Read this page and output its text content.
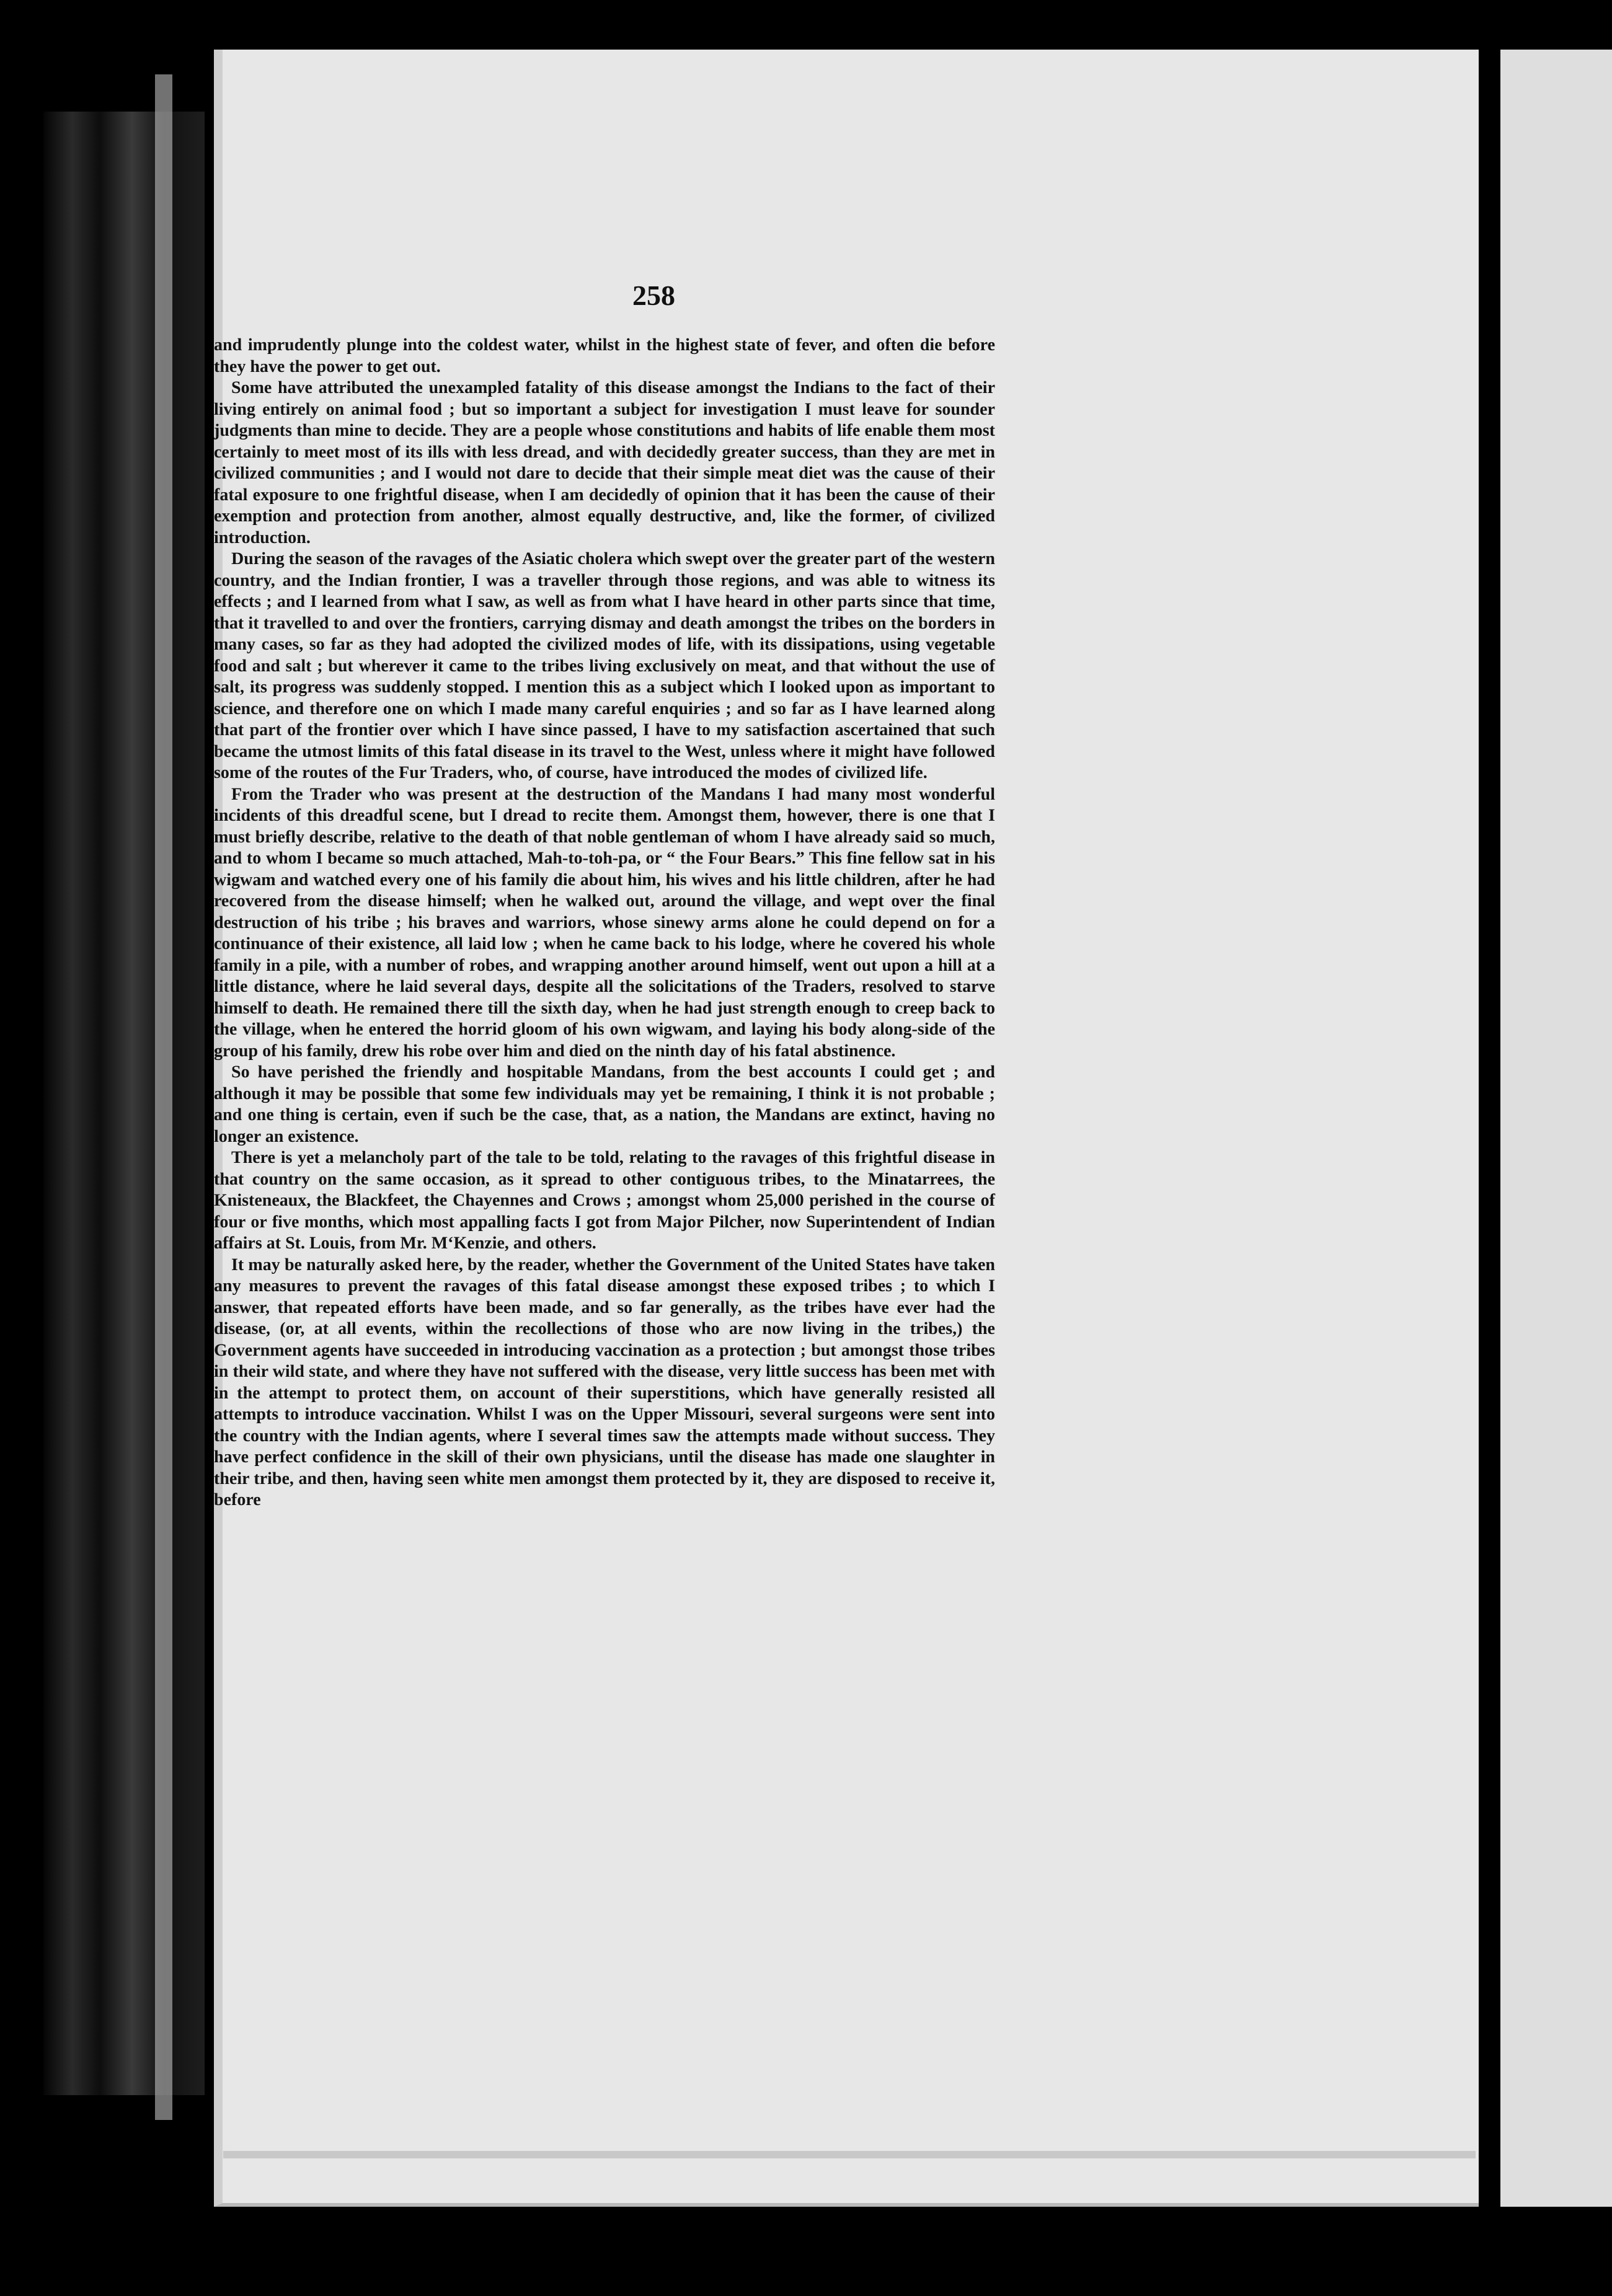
258

and imprudently plunge into the coldest water, whilst in the highest state of fever, and often die before they have the power to get out.

Some have attributed the unexampled fatality of this disease amongst the Indians to the fact of their living entirely on animal food ; but so important a subject for investigation I must leave for sounder judgments than mine to decide. They are a people whose constitutions and habits of life enable them most certainly to meet most of its ills with less dread, and with decidedly greater success, than they are met in civilized communities ; and I would not dare to decide that their simple meat diet was the cause of their fatal exposure to one frightful disease, when I am decidedly of opinion that it has been the cause of their exemption and protection from another, almost equally destructive, and, like the former, of civilized introduction.

During the season of the ravages of the Asiatic cholera which swept over the greater part of the western country, and the Indian frontier, I was a traveller through those regions, and was able to witness its effects ; and I learned from what I saw, as well as from what I have heard in other parts since that time, that it travelled to and over the frontiers, carrying dismay and death amongst the tribes on the borders in many cases, so far as they had adopted the civilized modes of life, with its dissipations, using vegetable food and salt ; but wherever it came to the tribes living exclusively on meat, and that without the use of salt, its progress was suddenly stopped. I mention this as a subject which I looked upon as important to science, and therefore one on which I made many careful enquiries ; and so far as I have learned along that part of the frontier over which I have since passed, I have to my satisfaction ascertained that such became the utmost limits of this fatal disease in its travel to the West, unless where it might have followed some of the routes of the Fur Traders, who, of course, have introduced the modes of civilized life.

From the Trader who was present at the destruction of the Mandans I had many most wonderful incidents of this dreadful scene, but I dread to recite them. Amongst them, however, there is one that I must briefly describe, relative to the death of that noble gentleman of whom I have already said so much, and to whom I became so much attached, Mah-to-toh-pa, or “ the Four Bears.” This fine fellow sat in his wigwam and watched every one of his family die about him, his wives and his little children, after he had recovered from the disease himself; when he walked out, around the village, and wept over the final destruction of his tribe ; his braves and warriors, whose sinewy arms alone he could depend on for a continuance of their existence, all laid low ; when he came back to his lodge, where he covered his whole family in a pile, with a number of robes, and wrapping another around himself, went out upon a hill at a little distance, where he laid several days, despite all the solicitations of the Traders, resolved to starve himself to death. He remained there till the sixth day, when he had just strength enough to creep back to the village, when he entered the horrid gloom of his own wigwam, and laying his body along-side of the group of his family, drew his robe over him and died on the ninth day of his fatal abstinence.

So have perished the friendly and hospitable Mandans, from the best accounts I could get ; and although it may be possible that some few individuals may yet be remaining, I think it is not probable ; and one thing is certain, even if such be the case, that, as a nation, the Mandans are extinct, having no longer an existence.

There is yet a melancholy part of the tale to be told, relating to the ravages of this frightful disease in that country on the same occasion, as it spread to other contiguous tribes, to the Minatarrees, the Knisteneaux, the Blackfeet, the Chayennes and Crows ; amongst whom 25,000 perished in the course of four or five months, which most appalling facts I got from Major Pilcher, now Superintendent of Indian affairs at St. Louis, from Mr. M‘Kenzie, and others.

It may be naturally asked here, by the reader, whether the Government of the United States have taken any measures to prevent the ravages of this fatal disease amongst these exposed tribes ; to which I answer, that repeated efforts have been made, and so far generally, as the tribes have ever had the disease, (or, at all events, within the recollections of those who are now living in the tribes,) the Government agents have succeeded in introducing vaccination as a protection ; but amongst those tribes in their wild state, and where they have not suffered with the disease, very little success has been met with in the attempt to protect them, on account of their superstitions, which have generally resisted all attempts to introduce vaccination. Whilst I was on the Upper Missouri, several surgeons were sent into the country with the Indian agents, where I several times saw the attempts made without success. They have perfect confidence in the skill of their own physicians, until the disease has made one slaughter in their tribe, and then, having seen white men amongst them protected by it, they are disposed to receive it, before
